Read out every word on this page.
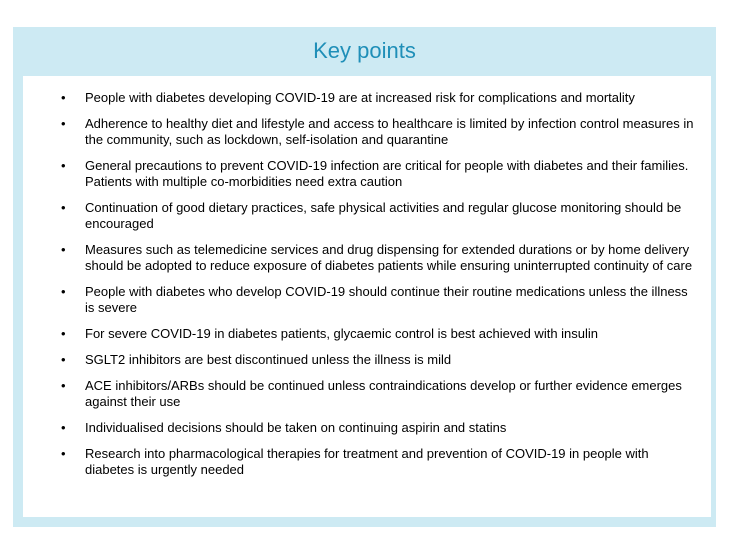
Key points
• People with diabetes developing COVID-19 are at increased risk for complications and mortality
• Adherence to healthy diet and lifestyle and access to healthcare is limited by infection control measures in the community, such as lockdown, self-isolation and quarantine
• General precautions to prevent COVID-19 infection are critical for people with diabetes and their families. Patients with multiple co-morbidities need extra caution
• Continuation of good dietary practices, safe physical activities and regular glucose monitoring should be encouraged
• Measures such as telemedicine services and drug dispensing for extended durations or by home delivery should be adopted to reduce exposure of diabetes patients while ensuring uninterrupted continuity of care
• People with diabetes who develop COVID-19 should continue their routine medications unless the illness is severe
• For severe COVID-19 in diabetes patients, glycaemic control is best achieved with insulin
• SGLT2 inhibitors are best discontinued unless the illness is mild
• ACE inhibitors/ARBs should be continued unless contraindications develop or further evidence emerges against their use
• Individualised decisions should be taken on continuing aspirin and statins
• Research into pharmacological therapies for treatment and prevention of COVID-19 in people with diabetes is urgently needed
